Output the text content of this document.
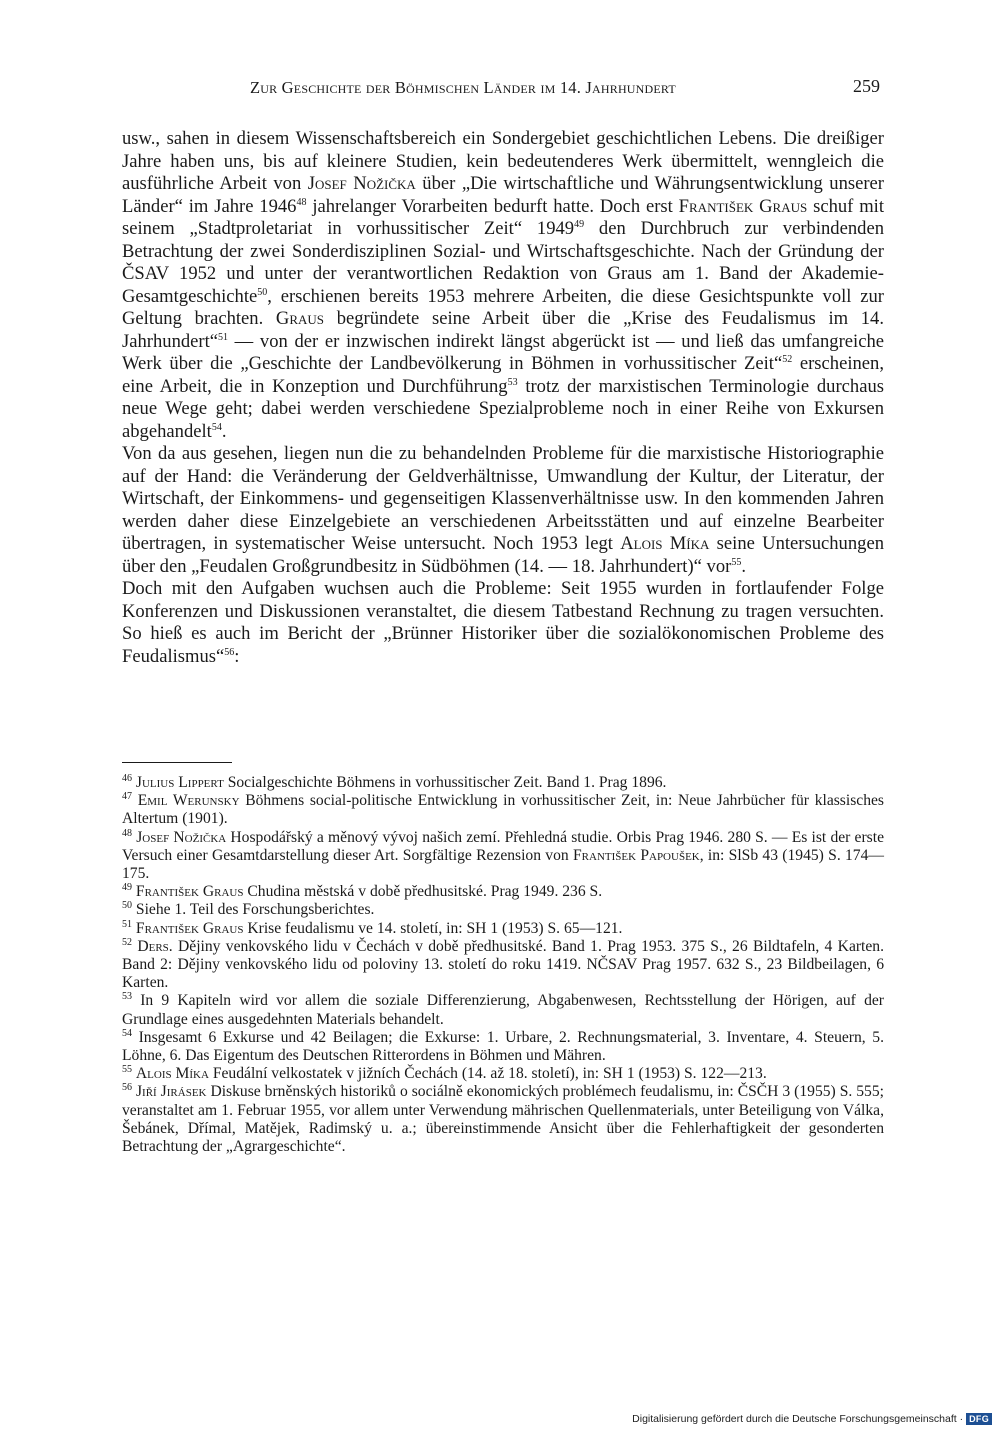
Zur Geschichte der Böhmischen Länder im 14. Jahrhundert	259

usw., sahen in diesem Wissenschaftsbereich ein Sondergebiet geschichtlichen Lebens. Die dreißiger Jahre haben uns, bis auf kleinere Studien, kein bedeutenderes Werk übermittelt, wenngleich die ausführliche Arbeit von Josef Nožička über „Die wirtschaftliche und Währungsentwicklung unserer Länder“ im Jahre 1946$^{48}$ jahrelanger Vorarbeiten bedurft hatte. Doch erst František Graus schuf mit seinem „Stadtproletariat in vorhussitischer Zeit“ 1949$^{49}$ den Durchbruch zur verbindenden Betrachtung der zwei Sonderdisziplinen Sozial- und Wirtschaftsgeschichte. Nach der Gründung der ČSAV 1952 und unter der verantwortlichen Redaktion von Graus am 1. Band der Akademie-Gesamtgeschichte$^{50}$, erschienen bereits 1953 mehrere Arbeiten, die diese Gesichtspunkte voll zur Geltung brachten. Graus begründete seine Arbeit über die „Krise des Feudalismus im 14. Jahrhundert“$^{51}$ — von der er inzwischen indirekt längst abgerückt ist — und ließ das umfangreiche Werk über die „Geschichte der Landbevölkerung in Böhmen in vorhussitischer Zeit“$^{52}$ erscheinen, eine Arbeit, die in Konzeption und Durchführung$^{53}$ trotz der marxistischen Terminologie durchaus neue Wege geht; dabei werden verschiedene Spezialprobleme noch in einer Reihe von Exkursen abgehandelt$^{54}$.

Von da aus gesehen, liegen nun die zu behandelnden Probleme für die marxistische Historiographie auf der Hand: die Veränderung der Geldverhältnisse, Umwandlung der Kultur, der Literatur, der Wirtschaft, der Einkommens- und gegenseitigen Klassenverhältnisse usw. In den kommenden Jahren werden daher diese Einzelgebiete an verschiedenen Arbeitsstätten und auf einzelne Bearbeiter übertragen, in systematischer Weise untersucht. Noch 1953 legt Alois Míka seine Untersuchungen über den „Feudalen Großgrundbesitz in Südböhmen (14. — 18. Jahrhundert)“ vor$^{55}$.

Doch mit den Aufgaben wuchsen auch die Probleme: Seit 1955 wurden in fortlaufender Folge Konferenzen und Diskussionen veranstaltet, die diesem Tatbestand Rechnung zu tragen versuchten. So hieß es auch im Bericht der „Brünner Historiker über die sozialökonomischen Probleme des Feudalismus“$^{56}$:

$^{46}$ Julius Lippert Socialgeschichte Böhmens in vorhussitischer Zeit. Band 1. Prag 1896.

$^{47}$ Emil Werunsky Böhmens social-politische Entwicklung in vorhussitischer Zeit, in: Neue Jahrbücher für klassisches Altertum (1901).

$^{48}$ Josef Nožička Hospodářský a měnový vývoj našich zemí. Přehledná studie. Orbis Prag 1946. 280 S. — Es ist der erste Versuch einer Gesamtdarstellung dieser Art. Sorgfältige Rezension von František Papoušek, in: SlSb 43 (1945) S. 174—175.

$^{49}$ František Graus Chudina městská v době předhusitské. Prag 1949. 236 S.

$^{50}$ Siehe 1. Teil des Forschungsberichtes.

$^{51}$ František Graus Krise feudalismu ve 14. století, in: SH 1 (1953) S. 65—121.

$^{52}$ Ders. Dějiny venkovského lidu v Čechách v době předhusitské. Band 1. Prag 1953. 375 S., 26 Bildtafeln, 4 Karten. Band 2: Dějiny venkovského lidu od poloviny 13. století do roku 1419. NČSAV Prag 1957. 632 S., 23 Bildbeilagen, 6 Karten.

$^{53}$ In 9 Kapiteln wird vor allem die soziale Differenzierung, Abgabenwesen, Rechtsstellung der Hörigen, auf der Grundlage eines ausgedehnten Materials behandelt.

$^{54}$ Insgesamt 6 Exkurse und 42 Beilagen; die Exkurse: 1. Urbare, 2. Rechnungsmaterial, 3. Inventare, 4. Steuern, 5. Löhne, 6. Das Eigentum des Deutschen Ritterordens in Böhmen und Mähren.

$^{55}$ Alois Míka Feudální velkostatek v jižních Čechách (14. až 18. století), in: SH 1 (1953) S. 122—213.

$^{56}$ Jiří Jirásek Diskuse brněnských historiků o sociálně ekonomických problémech feudalismu, in: ČSČH 3 (1955) S. 555; veranstaltet am 1. Februar 1955, vor allem unter Verwendung mährischen Quellenmaterials, unter Beteiligung von Válka, Šebánek, Dřímal, Matějek, Radimský u. a.; übereinstimmende Ansicht über die Fehlerhaftigkeit der gesonderten Betrachtung der „Agrargeschichte“.

Digitalisierung gefördert durch die Deutsche Forschungsgemeinschaft · DFG
